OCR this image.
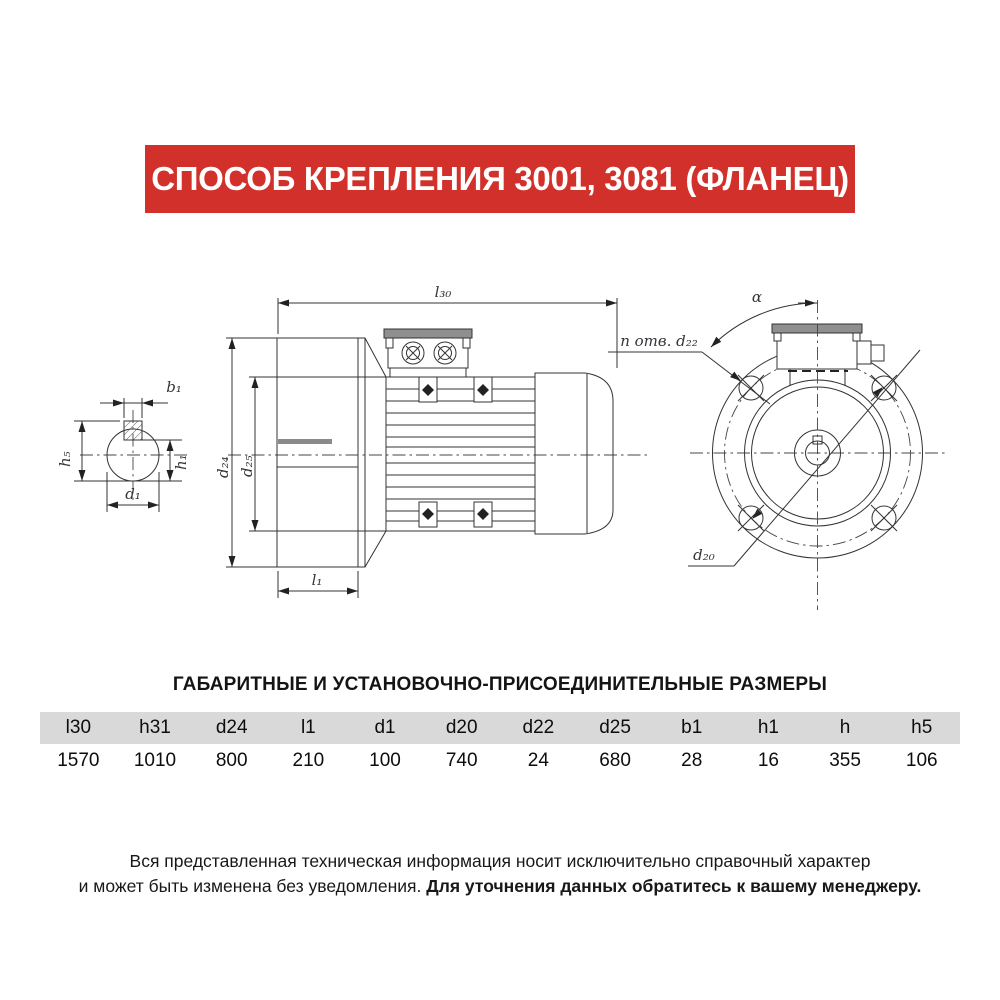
СПОСОБ КРЕПЛЕНИЯ 3001, 3081 (ФЛАНЕЦ)
b₁
h₅	h₁
d₁
l₃₀
d₂₄ d₂₅
l₁
n отв. d₂₂
α
d₂₀
ГАБАРИТНЫЕ И УСТАНОВОЧНО-ПРИСОЕДИНИТЕЛЬНЫЕ РАЗМЕРЫ
l30	h31	d24	l1	d1	d20	d22	d25	b1	h1	h	h5
1570	1010	800	210	100	740	24	680	28	16	355	106
Вся представленная техническая информация носит исключительно справочный характер
и может быть изменена без уведомления. Для уточнения данных обратитесь к вашему менеджеру.
